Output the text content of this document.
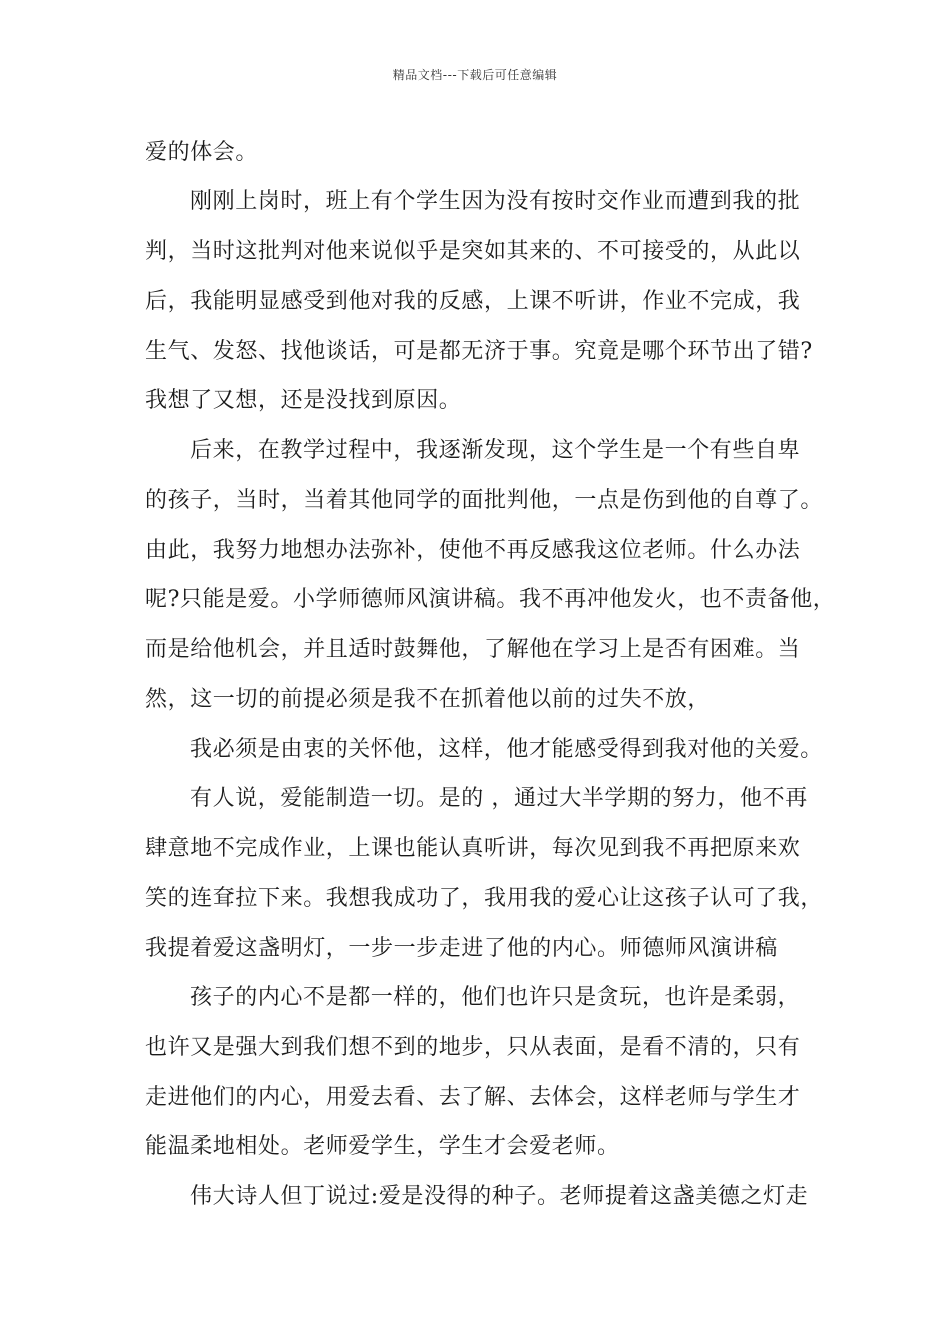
精品文档---下载后可任意编辑
爱的体会。
刚刚上岗时，班上有个学生因为没有按时交作业而遭到我的批
判，当时这批判对他来说似乎是突如其来的、不可接受的，从此以
后，我能明显感受到他对我的反感，上课不听讲，作业不完成，我
生气、发怒、找他谈话，可是都无济于事。究竟是哪个环节出了错?
我想了又想，还是没找到原因。
后来，在教学过程中，我逐渐发现，这个学生是一个有些自卑
的孩子，当时，当着其他同学的面批判他，一点是伤到他的自尊了。
由此，我努力地想办法弥补，使他不再反感我这位老师。什么办法
呢?只能是爱。小学师德师风演讲稿。我不再冲他发火，也不责备他，
而是给他机会，并且适时鼓舞他，了解他在学习上是否有困难。当
然，这一切的前提必须是我不在抓着他以前的过失不放，
我必须是由衷的关怀他，这样，他才能感受得到我对他的关爱。
有人说，爱能制造一切。是的 ，通过大半学期的努力，他不再
肆意地不完成作业，上课也能认真听讲，每次见到我不再把原来欢
笑的连耷拉下来。我想我成功了，我用我的爱心让这孩子认可了我，
我提着爱这盏明灯，一步一步走进了他的内心。师德师风演讲稿
孩子的内心不是都一样的，他们也许只是贪玩，也许是柔弱，
也许又是强大到我们想不到的地步，只从表面，是看不清的，只有
走进他们的内心，用爱去看、去了解、去体会，这样老师与学生才
能温柔地相处。老师爱学生，学生才会爱老师。
伟大诗人但丁说过:爱是没得的种子。老师提着这盏美德之灯走
